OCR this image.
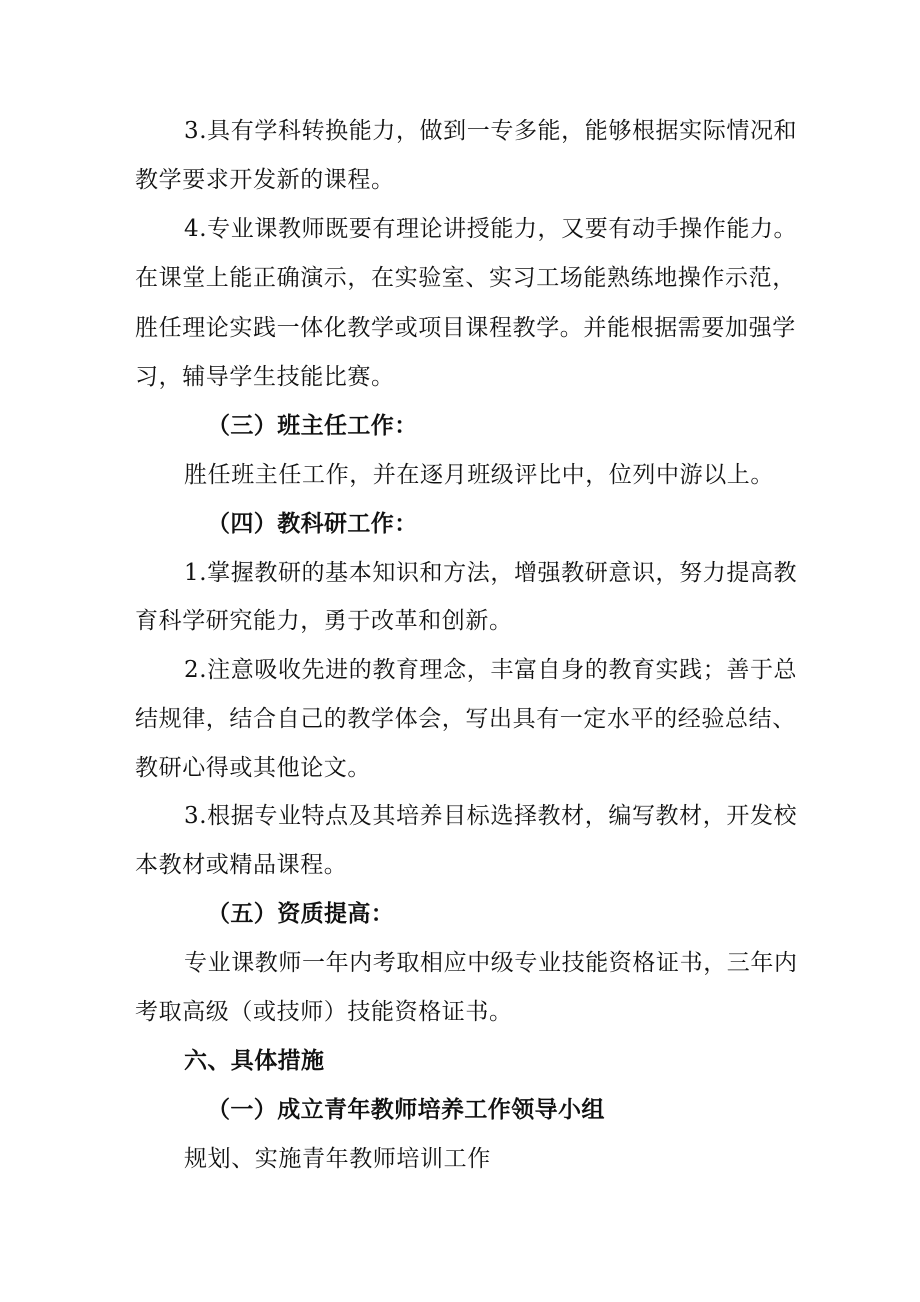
3.具有学科转换能力，做到一专多能，能够根据实际情况和
教学要求开发新的课程。
4.专业课教师既要有理论讲授能力，又要有动手操作能力。
在课堂上能正确演示，在实验室、实习工场能熟练地操作示范，
胜任理论实践一体化教学或项目课程教学。并能根据需要加强学
习，辅导学生技能比赛。
（三）班主任工作：
胜任班主任工作，并在逐月班级评比中，位列中游以上。
（四）教科研工作：
1.掌握教研的基本知识和方法，增强教研意识，努力提高教
育科学研究能力，勇于改革和创新。
2.注意吸收先进的教育理念，丰富自身的教育实践；善于总
结规律，结合自己的教学体会，写出具有一定水平的经验总结、
教研心得或其他论文。
3.根据专业特点及其培养目标选择教材，编写教材，开发校
本教材或精品课程。
（五）资质提高：
专业课教师一年内考取相应中级专业技能资格证书，三年内
考取高级（或技师）技能资格证书。
六、具体措施
（一）成立青年教师培养工作领导小组
规划、实施青年教师培训工作
